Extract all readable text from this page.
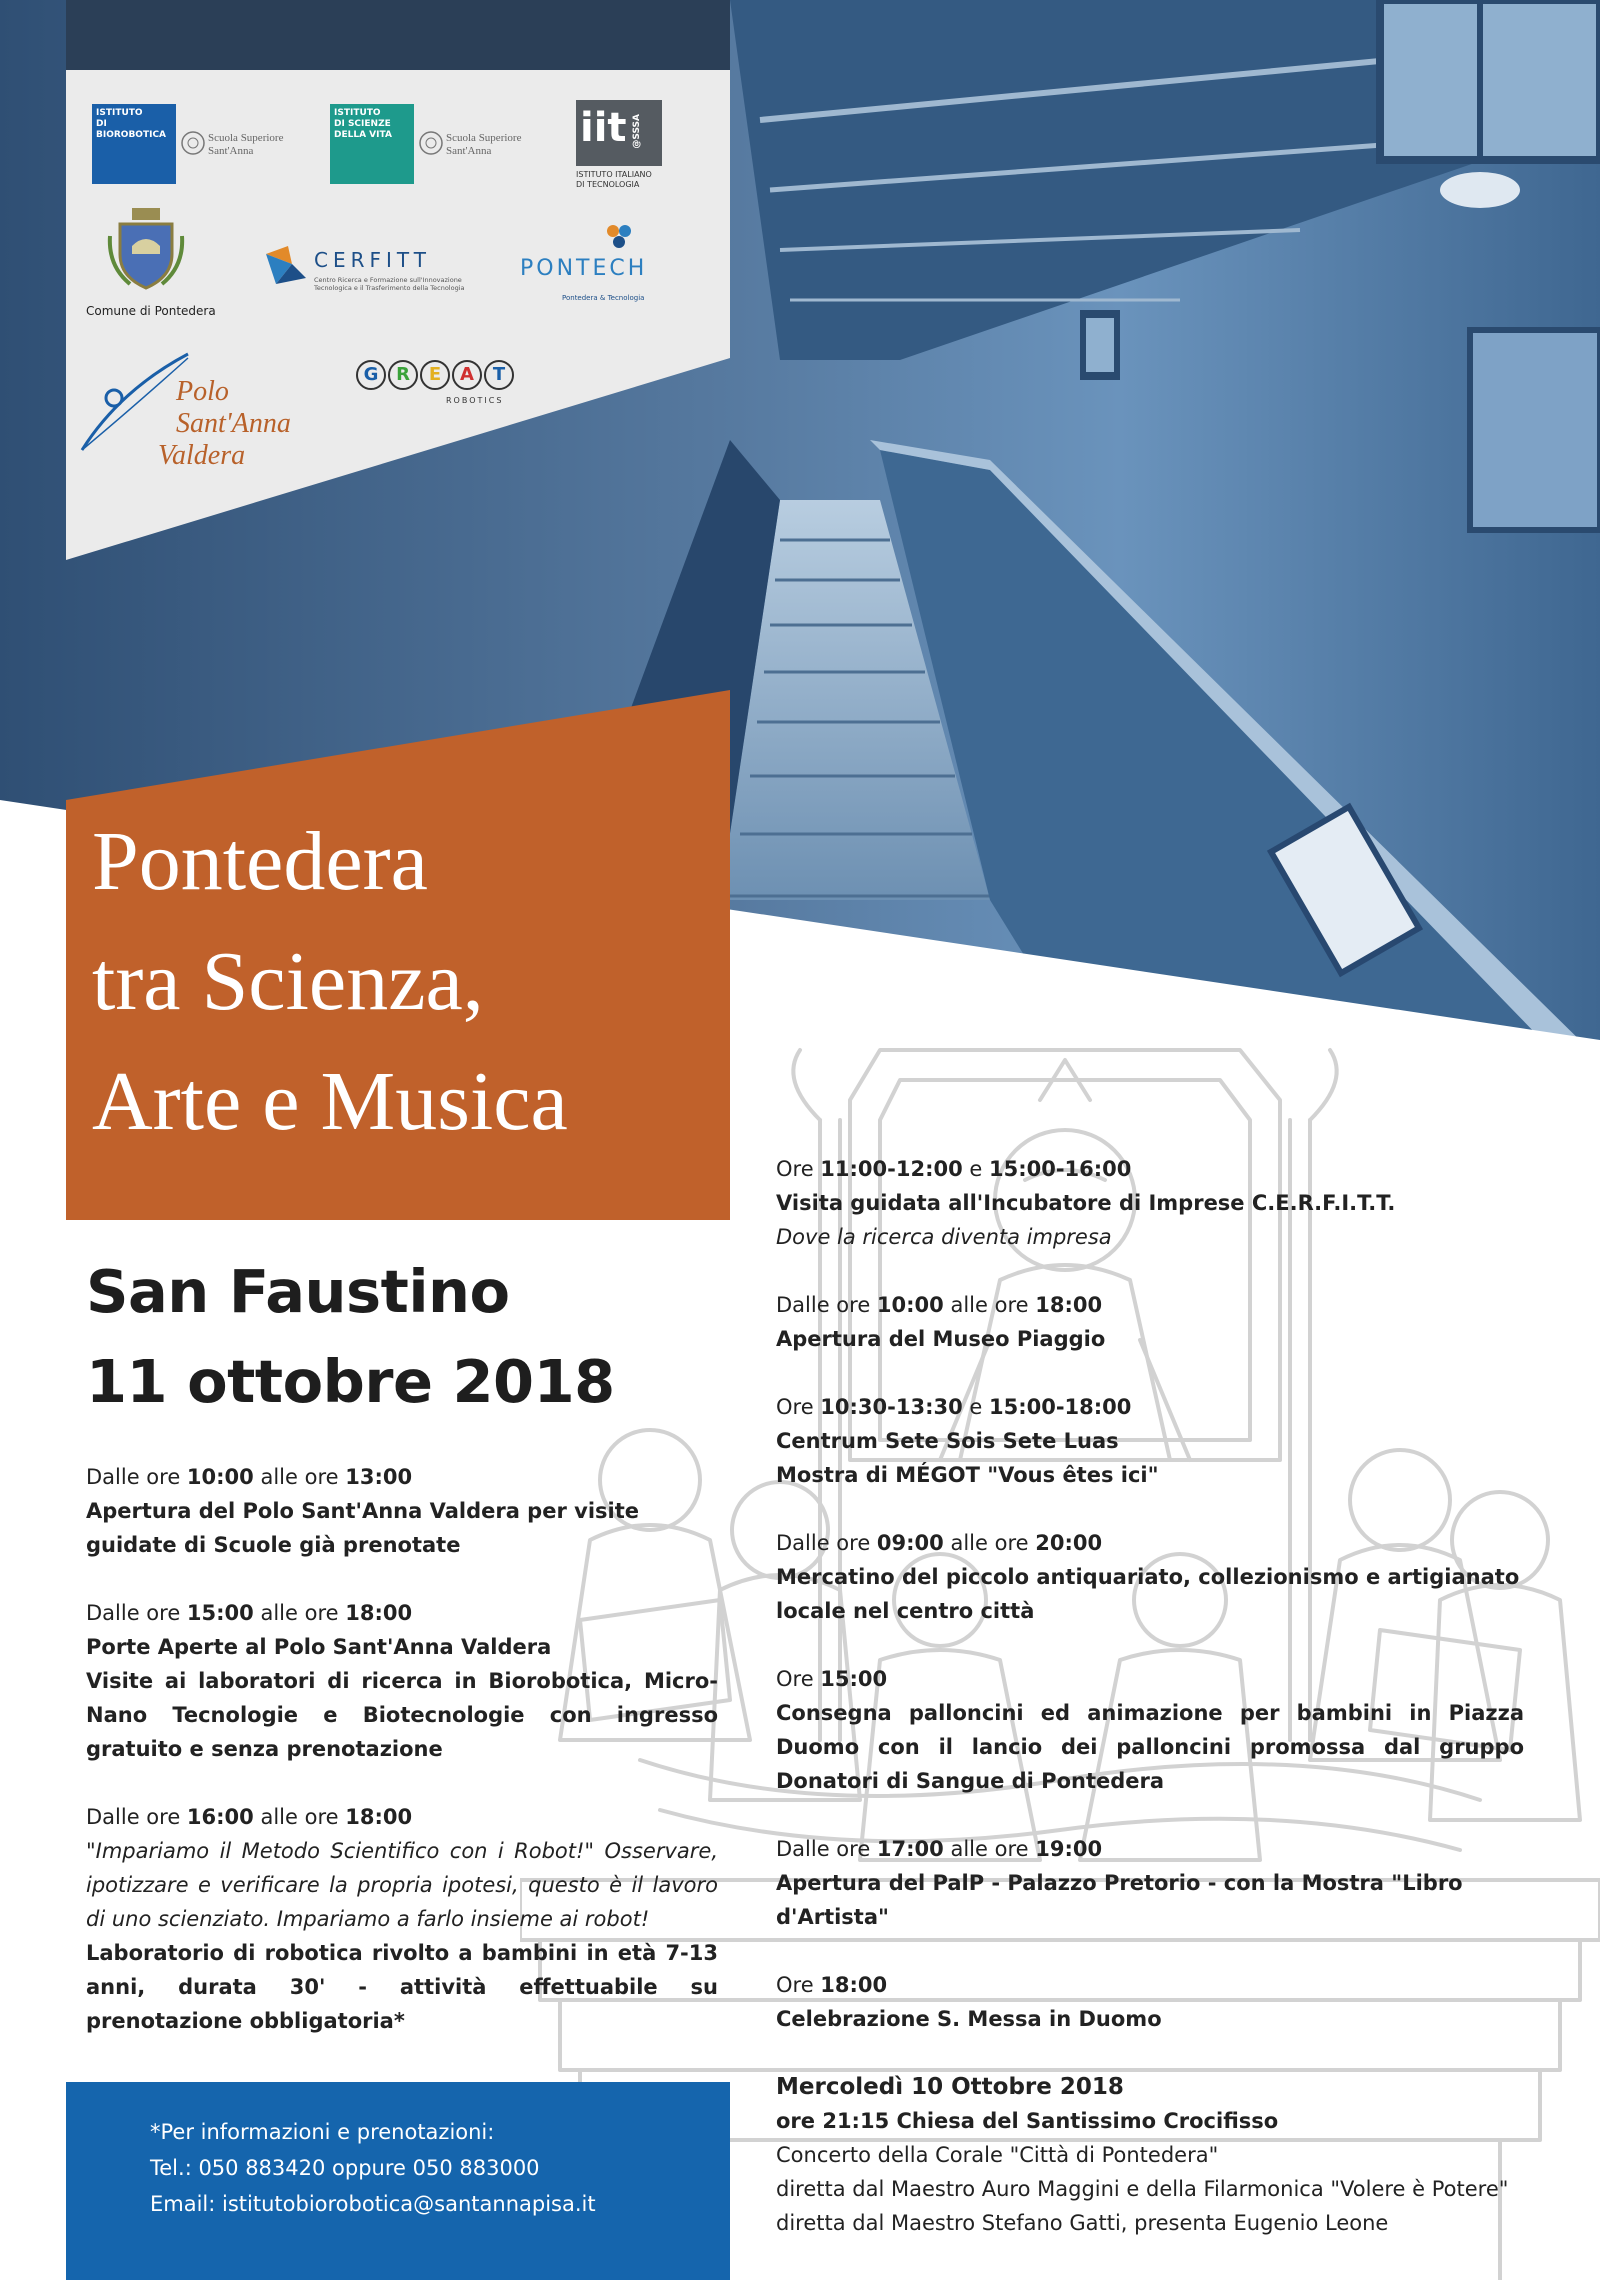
ISTITUTO
DI BIOROBOTICA	Scuola Superiore
Sant'Anna
ISTITUTO
DI SCIENZE
DELLA VITA	Scuola Superiore
Sant'Anna	iit @SSSA
ISTITUTO ITALIANO
DI TECNOLOGIA
Comune di Pontedera
CERFITT
Centro Ricerca e Formazione sull'Innovazione
Tecnologica e il Trasferimento della Tecnologia
PONTECH
Pontedera & Tecnologia
Polo
Sant'Anna
Valdera
G R E A T
ROBOTICS
Pontedera
tra Scienza,
Arte e Musica
San Faustino
11 ottobre 2018
Dalle ore 10:00 alle ore 13:00
Apertura del Polo Sant'Anna Valdera per visite guidate di Scuole già prenotate
Dalle ore 15:00 alle ore 18:00
Porte Aperte al Polo Sant'Anna Valdera
Visite ai laboratori di ricerca in Biorobotica, Micro-Nano Tecnologie e Biotecnologie con ingresso gratuito e senza prenotazione
Dalle ore 16:00 alle ore 18:00
"Impariamo il Metodo Scientifico con i Robot!" Osservare, ipotizzare e verificare la propria ipotesi, questo è il lavoro di uno scienziato. Impariamo a farlo insieme ai robot!
Laboratorio di robotica rivolto a bambini in età 7-13 anni, durata 30' - attività effettuabile su prenotazione obbligatoria*
Ore 11:00-12:00 e 15:00-16:00
Visita guidata all'Incubatore di Imprese C.E.R.F.I.T.T.
Dove la ricerca diventa impresa
Dalle ore 10:00 alle ore 18:00
Apertura del Museo Piaggio
Ore 10:30-13:30 e 15:00-18:00
Centrum Sete Sois Sete Luas
Mostra di MÉGOT "Vous êtes ici"
Dalle ore 09:00 alle ore 20:00
Mercatino del piccolo antiquariato, collezionismo e artigianato locale nel centro città
Ore 15:00
Consegna palloncini ed animazione per bambini in Piazza Duomo con il lancio dei palloncini promossa dal gruppo Donatori di Sangue di Pontedera
Dalle ore 17:00 alle ore 19:00
Apertura del PalP - Palazzo Pretorio - con la Mostra "Libro d'Artista"
Ore 18:00
Celebrazione S. Messa in Duomo
Mercoledì 10 Ottobre 2018
ore 21:15 Chiesa del Santissimo Crocifisso
Concerto della Corale "Città di Pontedera"
diretta dal Maestro Auro Maggini e della Filarmonica "Volere è Potere"
diretta dal Maestro Stefano Gatti, presenta Eugenio Leone
*Per informazioni e prenotazioni:
Tel.: 050 883420 oppure 050 883000
Email: istitutobiorobotica@santannapisa.it
